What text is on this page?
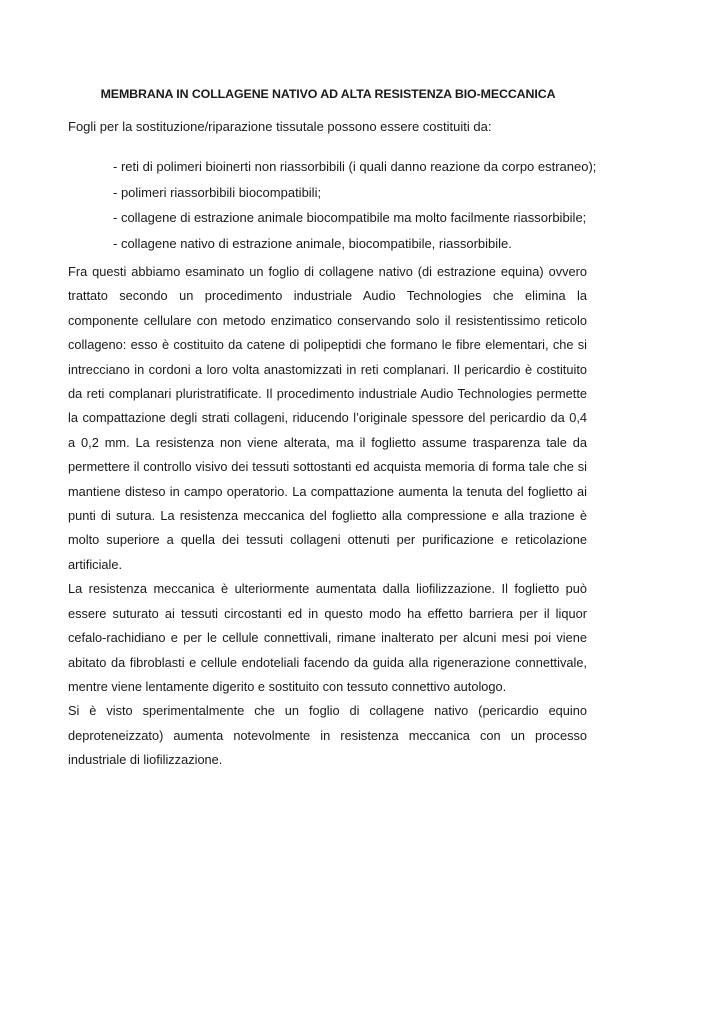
MEMBRANA IN COLLAGENE NATIVO AD ALTA RESISTENZA BIO-MECCANICA
Fogli per la sostituzione/riparazione tissutale possono essere costituiti da:
- reti di polimeri bioinerti non riassorbibili (i quali danno reazione da corpo estraneo);
- polimeri riassorbibili biocompatibili;
- collagene di estrazione animale biocompatibile ma molto facilmente riassorbibile;
- collagene nativo di estrazione animale, biocompatibile, riassorbibile.

Fra questi abbiamo esaminato un foglio di collagene nativo (di estrazione equina) ovvero trattato secondo un procedimento industriale Audio Technologies che elimina la componente cellulare con metodo enzimatico conservando solo il resistentissimo reticolo collageno: esso è costituito da catene di polipeptidi che formano le fibre elementari, che si intrecciano in cordoni a loro volta anastomizzati in reti complanari. Il pericardio è costituito da reti complanari pluristratificate. Il procedimento industriale Audio Technologies permette la compattazione degli strati collageni, riducendo l’originale spessore del pericardio da 0,4 a 0,2 mm. La resistenza non viene alterata, ma il foglietto assume trasparenza tale da permettere il controllo visivo dei tessuti sottostanti ed acquista memoria di forma tale che si mantiene disteso in campo operatorio. La compattazione aumenta la tenuta del foglietto ai punti di sutura. La resistenza meccanica del foglietto alla compressione e alla trazione è molto superiore a quella dei tessuti collageni ottenuti per purificazione e reticolazione artificiale.

La resistenza meccanica è ulteriormente aumentata dalla liofilizzazione. Il foglietto può essere suturato ai tessuti circostanti ed in questo modo ha effetto barriera per il liquor cefalo-rachidiano e per le cellule connettivali, rimane inalterato per alcuni mesi poi viene abitato da fibroblasti e cellule endoteliali facendo da guida alla rigenerazione connettivale, mentre viene lentamente digerito e sostituito con tessuto connettivo autologo.

Si è visto sperimentalmente che un foglio di collagene nativo (pericardio equino deproteneizzato) aumenta notevolmente in resistenza meccanica con un processo industriale di liofilizzazione.
